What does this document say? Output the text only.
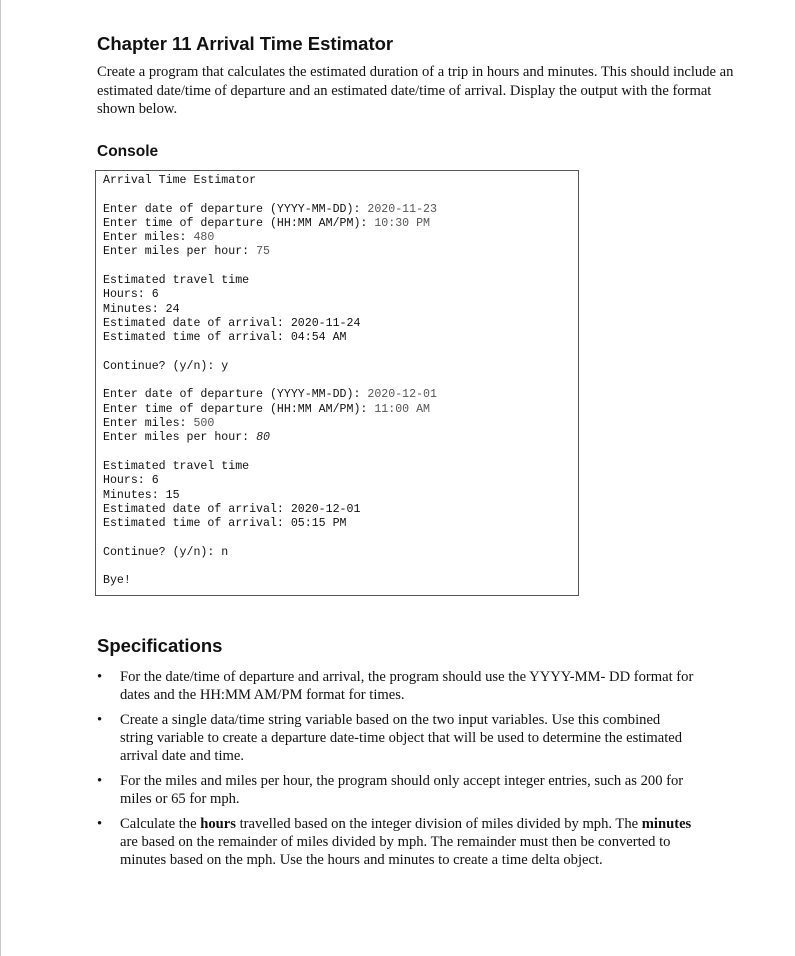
Chapter 11 Arrival Time Estimator

Create a program that calculates the estimated duration of a trip in hours and minutes. This should include an estimated date/time of departure and an estimated date/time of arrival. Display the output with the format shown below.

Console
Arrival Time Estimator
Enter date of departure (YYYY-MM-DD): 2020-11-23
Enter time of departure (HH:MM AM/PM): 10:30 PM
Enter miles: 480
Enter miles per hour: 75
Estimated travel time
Hours: 6
Minutes: 24
Estimated date of arrival: 2020-11-24
Estimated time of arrival: 04:54 AM
Continue? (y/n): y
Enter date of departure (YYYY-MM-DD): 2020-12-01
Enter time of departure (HH:MM AM/PM): 11:00 AM
Enter miles: 500
Enter miles per hour: 80
Estimated travel time
Hours: 6
Minutes: 15
Estimated date of arrival: 2020-12-01
Estimated time of arrival: 05:15 PM
Continue? (y/n): n
Bye!
Specifications
• For the date/time of departure and arrival, the program should use the YYYY-MM- DD format for dates and the HH:MM AM/PM format for times.
• Create a single data/time string variable based on the two input variables. Use this combined string variable to create a departure date-time object that will be used to determine the estimated arrival date and time.
• For the miles and miles per hour, the program should only accept integer entries, such as 200 for miles or 65 for mph.
• Calculate the hours travelled based on the integer division of miles divided by mph. The minutes are based on the remainder of miles divided by mph. The remainder must then be converted to minutes based on the mph. Use the hours and minutes to create a time delta object.
